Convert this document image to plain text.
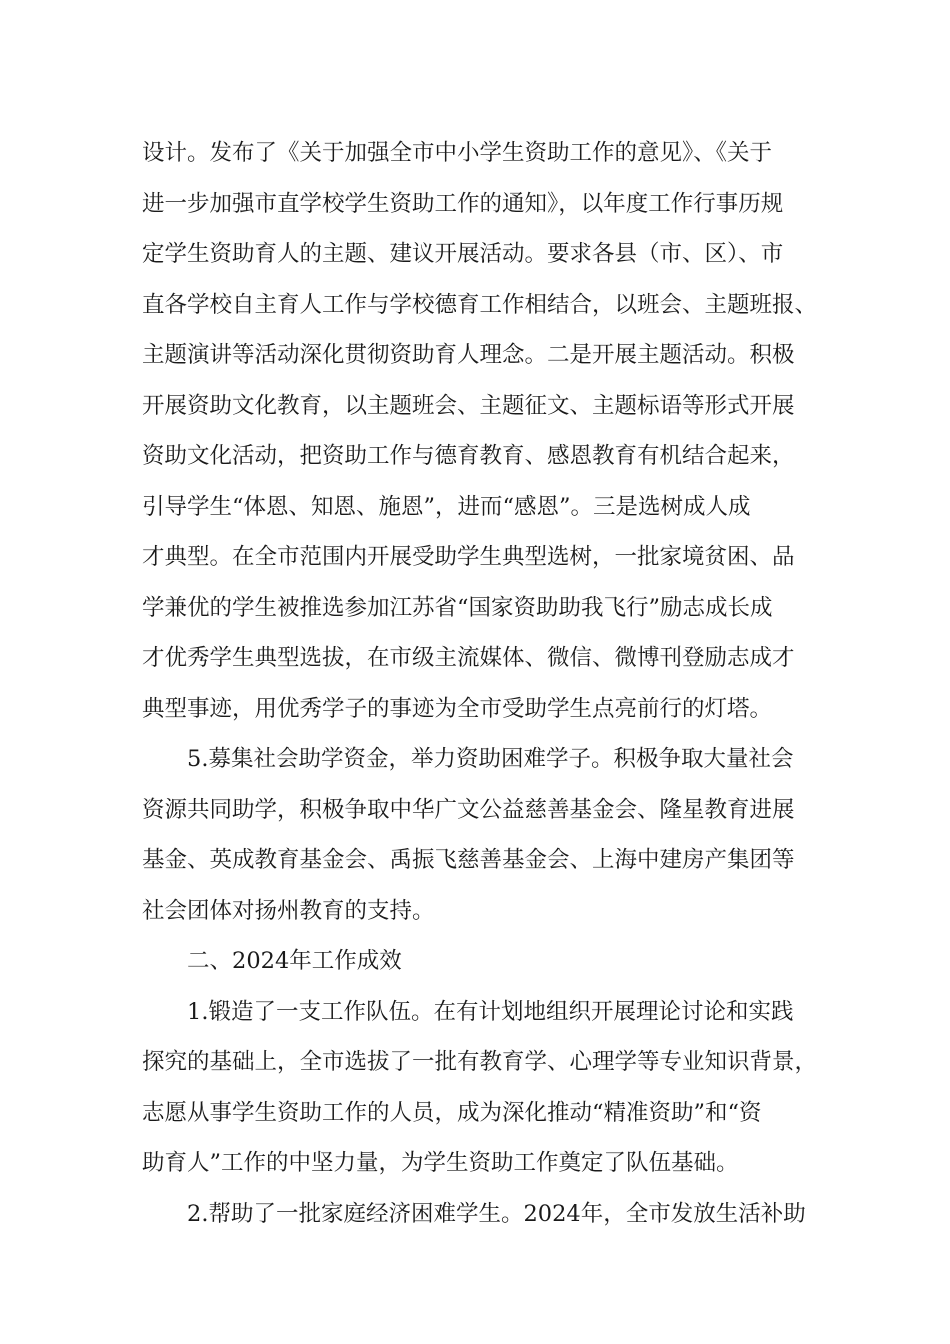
设计。发布了《关于加强全市中小学生资助工作的意见》、《关于
进一步加强市直学校学生资助工作的通知》，以年度工作行事历规
定学生资助育人的主题、建议开展活动。要求各县（市、区）、市
直各学校自主育人工作与学校德育工作相结合，以班会、主题班报、
主题演讲等活动深化贯彻资助育人理念。二是开展主题活动。积极
开展资助文化教育，以主题班会、主题征文、主题标语等形式开展
资助文化活动，把资助工作与德育教育、感恩教育有机结合起来，
引导学生“体恩、知恩、施恩”，进而“感恩”。三是选树成人成
才典型。在全市范围内开展受助学生典型选树，一批家境贫困、品
学兼优的学生被推选参加江苏省“国家资助助我飞行”励志成长成
才优秀学生典型选拔，在市级主流媒体、微信、微博刊登励志成才
典型事迹，用优秀学子的事迹为全市受助学生点亮前行的灯塔。
5.募集社会助学资金，举力资助困难学子。积极争取大量社会
资源共同助学，积极争取中华广文公益慈善基金会、隆星教育进展
基金、英成教育基金会、禹振飞慈善基金会、上海中建房产集团等
社会团体对扬州教育的支持。
二、2024年工作成效
1.锻造了一支工作队伍。在有计划地组织开展理论讨论和实践
探究的基础上，全市选拔了一批有教育学、心理学等专业知识背景，
志愿从事学生资助工作的人员，成为深化推动“精准资助”和“资
助育人”工作的中坚力量，为学生资助工作奠定了队伍基础。
2.帮助了一批家庭经济困难学生。2024年，全市发放生活补助
